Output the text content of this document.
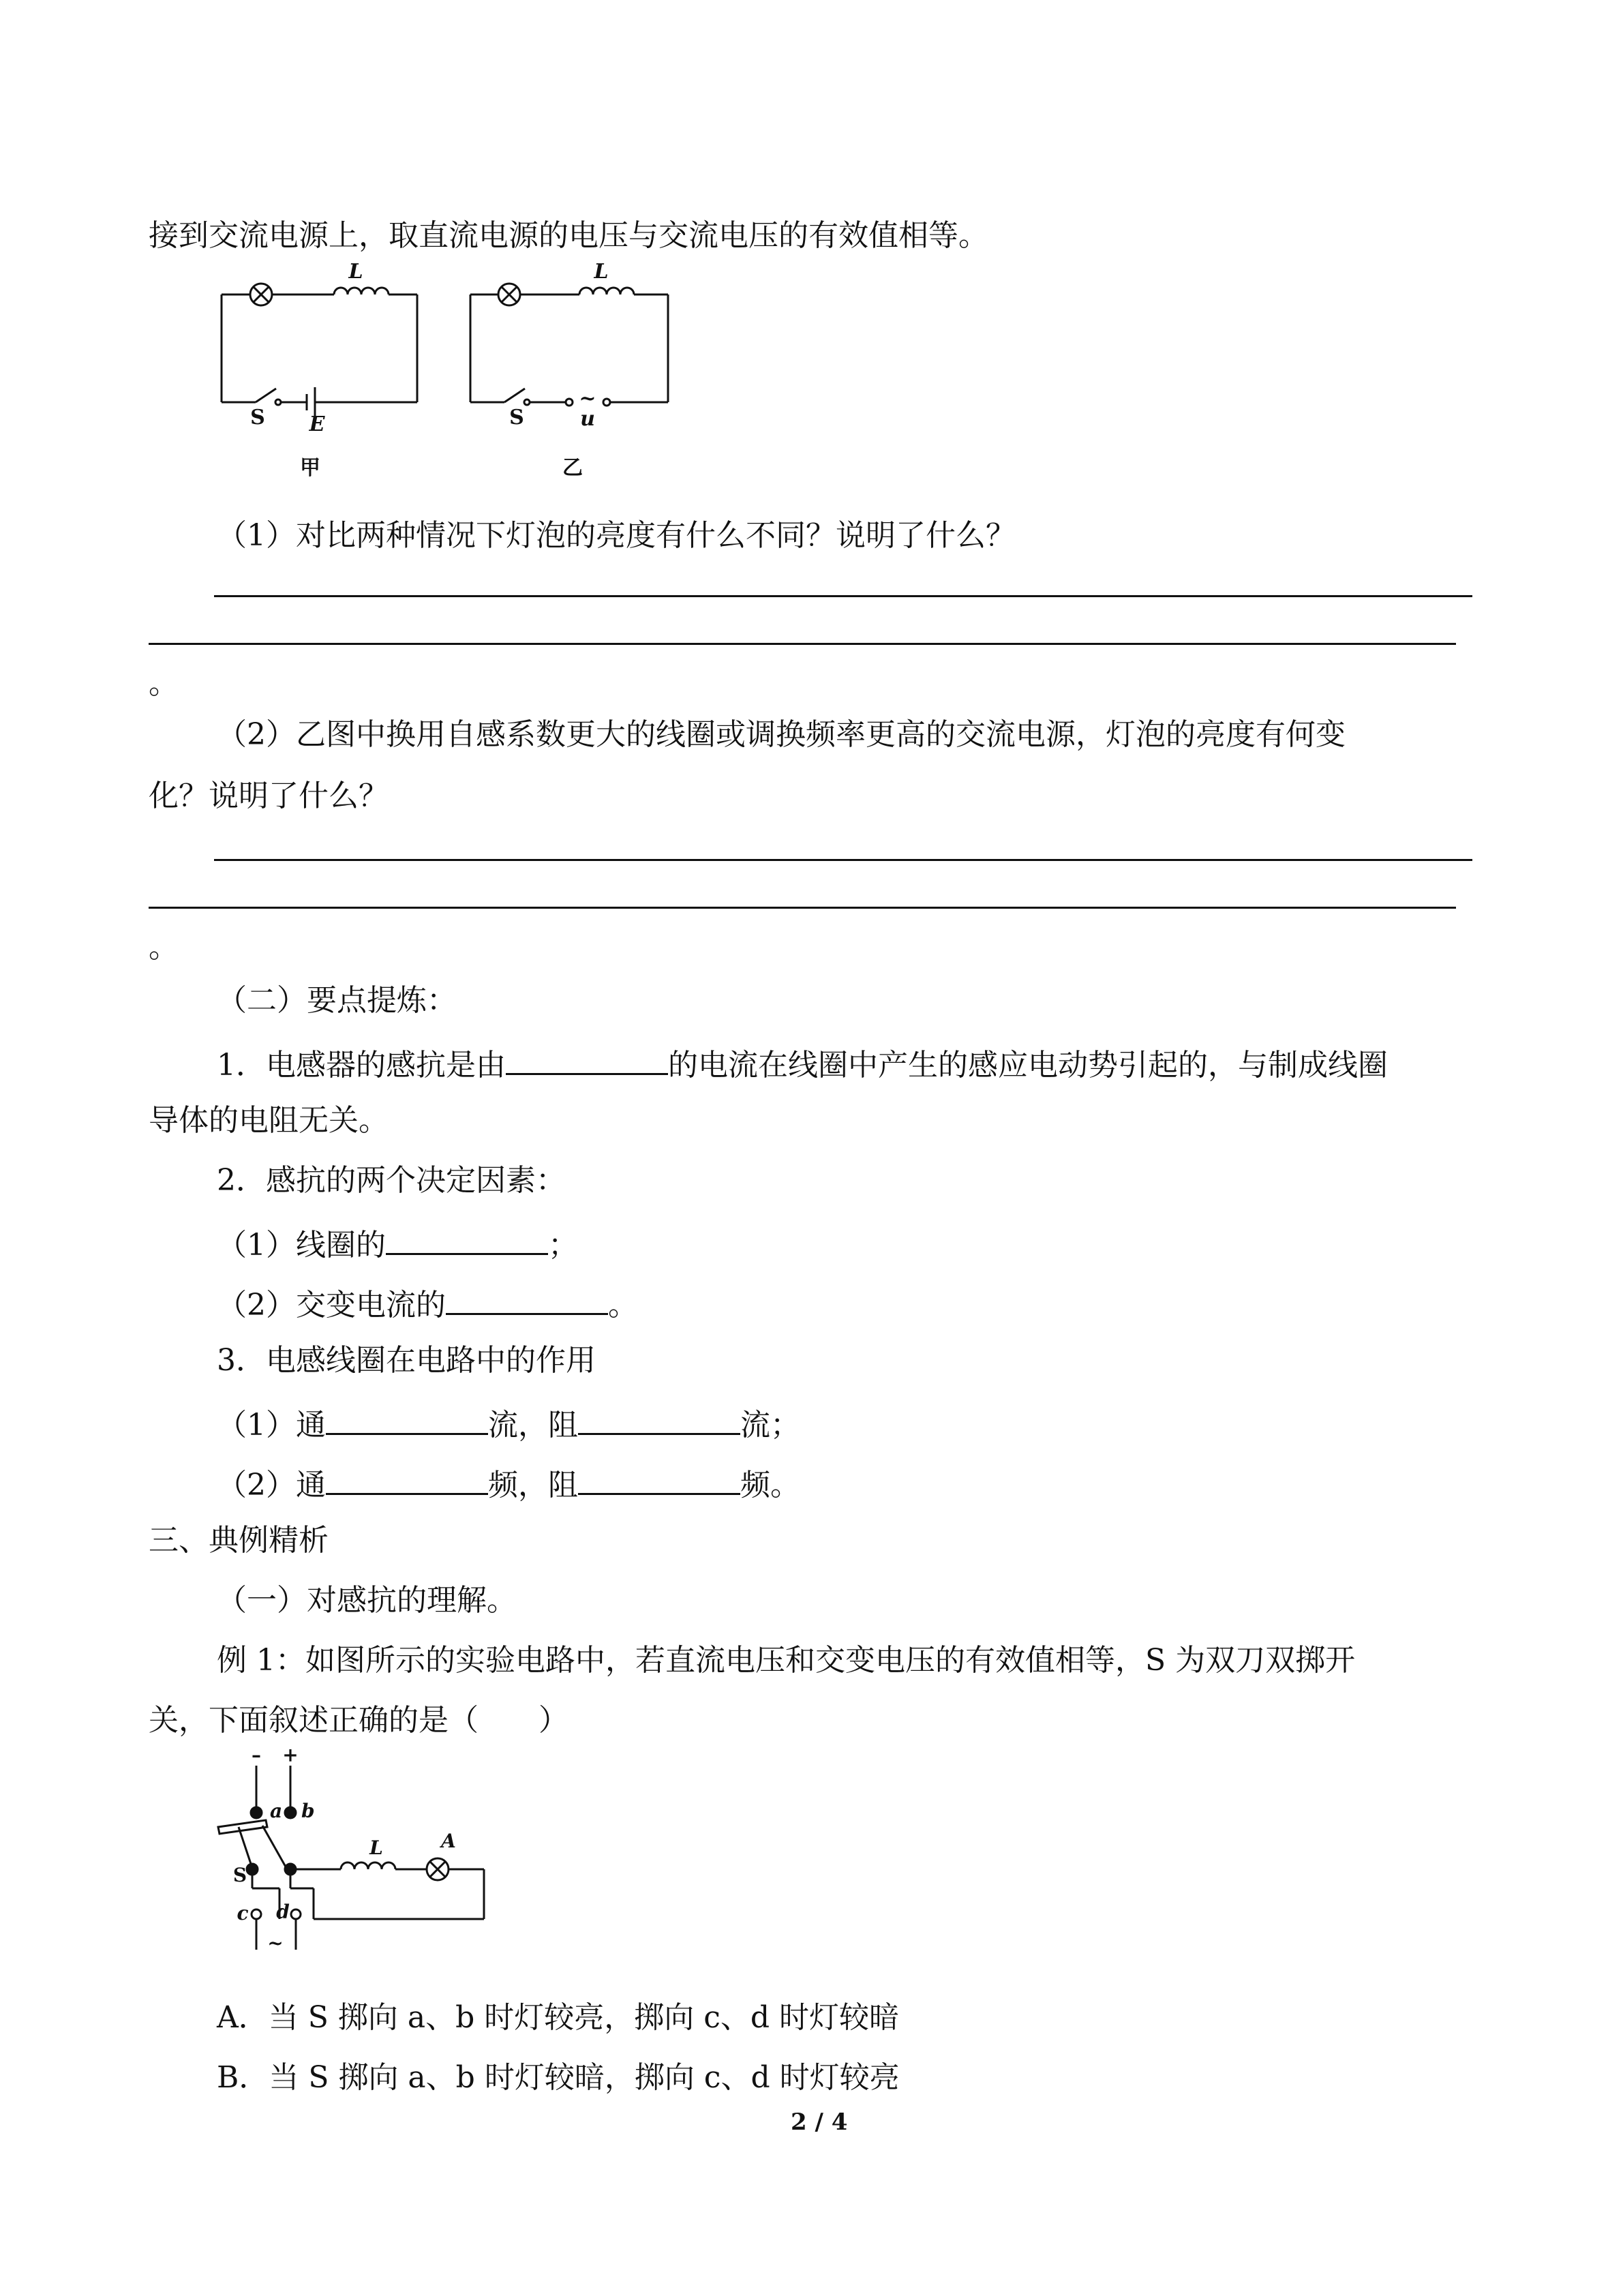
接到交流电源上，取直流电源的电压与交流电压的有效值相等。
L
S E
甲
L
S
~
u
乙
（1）对比两种情况下灯泡的亮度有什么不同？说明了什么？
。
（2）乙图中换用自感系数更大的线圈或调换频率更高的交流电源，灯泡的亮度有何变
化？说明了什么？
。
（二）要点提炼：
1．电感器的感抗是由	的电流在线圈中产生的感应电动势引起的，与制成线圈
导体的电阻无关。
2．感抗的两个决定因素：
（1）线圈的	；
（2）交变电流的	。
3．电感线圈在电路中的作用
（1）通	流，阻	流；
（2）通	频，阻	频。
三、典例精析
（一）对感抗的理解。
例 1：如图所示的实验电路中，若直流电压和交变电压的有效值相等，S 为双刀双掷开
关，下面叙述正确的是（　　）
– +
a b
L	A
S
c d
~
A．当 S 掷向 a、b 时灯较亮，掷向 c、d 时灯较暗
B．当 S 掷向 a、b 时灯较暗，掷向 c、d 时灯较亮
2 / 4
